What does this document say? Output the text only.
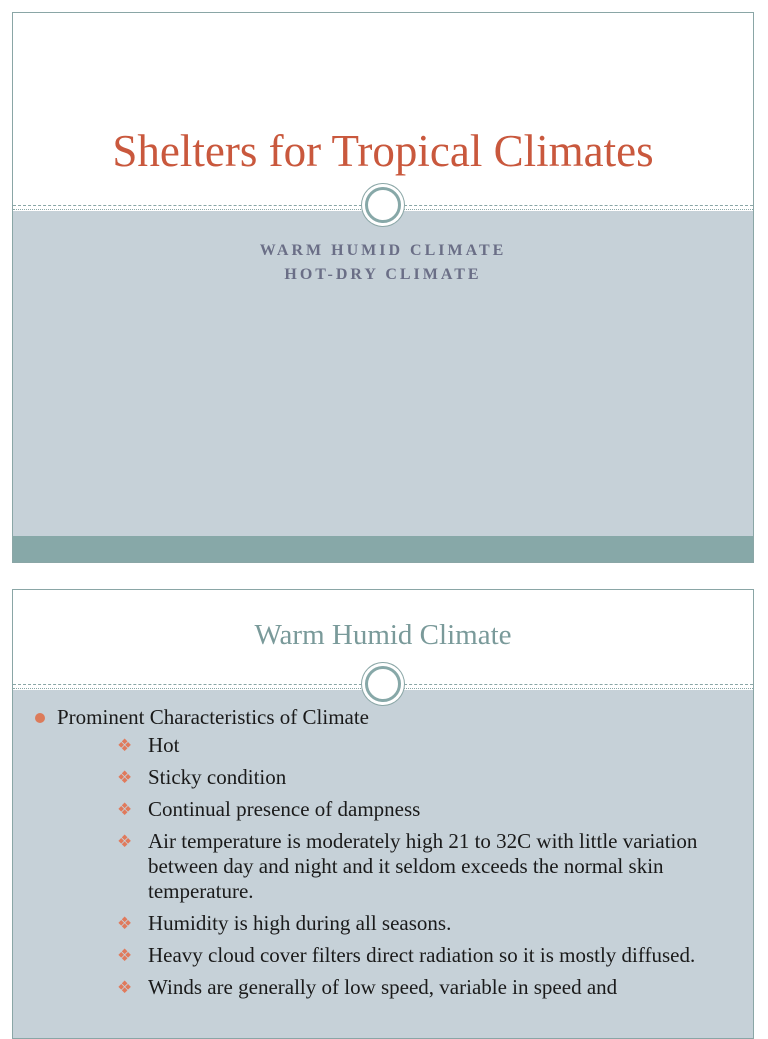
Shelters for Tropical Climates
WARM HUMID CLIMATE
HOT-DRY CLIMATE
Warm Humid Climate
Prominent Characteristics of Climate
❖ Hot
❖ Sticky condition
❖ Continual presence of dampness
❖ Air temperature is moderately high 21 to 32C with little variation between day and night and it seldom exceeds the normal skin temperature.
❖ Humidity is high during all seasons.
❖ Heavy cloud cover filters direct radiation so it is mostly diffused.
❖ Winds are generally of low speed, variable in speed and
